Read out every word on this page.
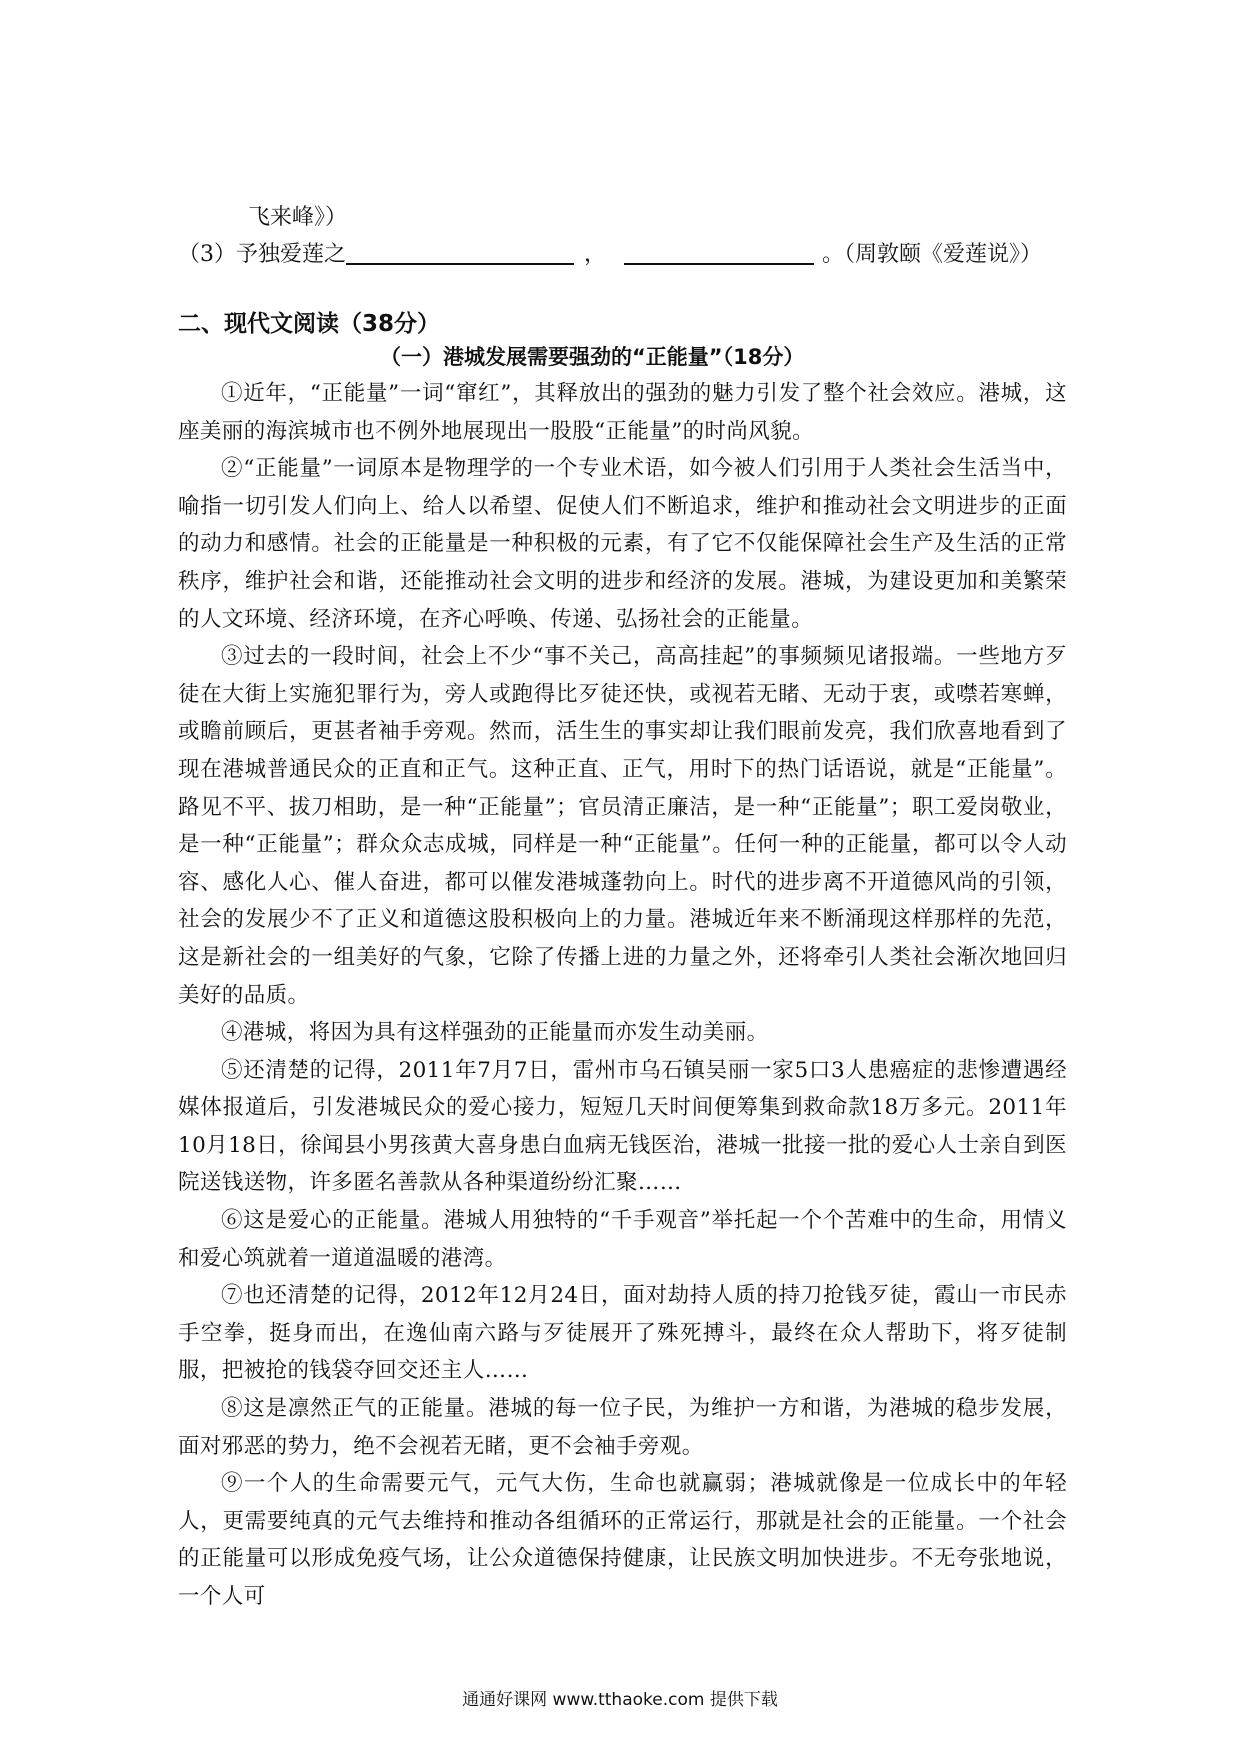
飞来峰》）
（3）予独爱莲之	，	。（周敦颐《爱莲说》）
二、现代文阅读（38分）
（一）港城发展需要强劲的“正能量”（18分）

①近年，“正能量”一词“窜红”，其释放出的强劲的魅力引发了整个社会效应。港城，这座美丽的海滨城市也不例外地展现出一股股“正能量”的时尚风貌。

②“正能量”一词原本是物理学的一个专业术语，如今被人们引用于人类社会生活当中，喻指一切引发人们向上、给人以希望、促使人们不断追求，维护和推动社会文明进步的正面的动力和感情。社会的正能量是一种积极的元素，有了它不仅能保障社会生产及生活的正常秩序，维护社会和谐，还能推动社会文明的进步和经济的发展。港城，为建设更加和美繁荣的人文环境、经济环境，在齐心呼唤、传递、弘扬社会的正能量。

③过去的一段时间，社会上不少“事不关己，高高挂起”的事频频见诸报端。一些地方歹徒在大街上实施犯罪行为，旁人或跑得比歹徒还快，或视若无睹、无动于衷，或噤若寒蝉，或瞻前顾后，更甚者袖手旁观。然而，活生生的事实却让我们眼前发亮，我们欣喜地看到了现在港城普通民众的正直和正气。这种正直、正气，用时下的热门话语说，就是“正能量”。路见不平、拔刀相助，是一种“正能量”；官员清正廉洁，是一种“正能量”；职工爱岗敬业，是一种“正能量”；群众众志成城，同样是一种“正能量”。任何一种的正能量，都可以令人动容、感化人心、催人奋进，都可以催发港城蓬勃向上。时代的进步离不开道德风尚的引领，社会的发展少不了正义和道德这股积极向上的力量。港城近年来不断涌现这样那样的先范，这是新社会的一组美好的气象，它除了传播上进的力量之外，还将牵引人类社会渐次地回归美好的品质。

④港城，将因为具有这样强劲的正能量而亦发生动美丽。

⑤还清楚的记得，2011年7月7日，雷州市乌石镇吴丽一家5口3人患癌症的悲惨遭遇经媒体报道后，引发港城民众的爱心接力，短短几天时间便筹集到救命款18万多元。2011年10月18日，徐闻县小男孩黄大喜身患白血病无钱医治，港城一批接一批的爱心人士亲自到医院送钱送物，许多匿名善款从各种渠道纷纷汇聚……

⑥这是爱心的正能量。港城人用独特的“千手观音”举托起一个个苦难中的生命，用情义和爱心筑就着一道道温暖的港湾。

⑦也还清楚的记得，2012年12月24日，面对劫持人质的持刀抢钱歹徒，霞山一市民赤手空拳，挺身而出，在逸仙南六路与歹徒展开了殊死搏斗，最终在众人帮助下，将歹徒制服，把被抢的钱袋夺回交还主人……

⑧这是凛然正气的正能量。港城的每一位子民，为维护一方和谐，为港城的稳步发展，面对邪恶的势力，绝不会视若无睹，更不会袖手旁观。

⑨一个人的生命需要元气，元气大伤，生命也就赢弱；港城就像是一位成长中的年轻人，更需要纯真的元气去维持和推动各组循环的正常运行，那就是社会的正能量。一个社会的正能量可以形成免疫气场，让公众道德保持健康，让民族文明加快进步。不无夸张地说，一个人可

通通好课网 www.tthaoke.com 提供下载
